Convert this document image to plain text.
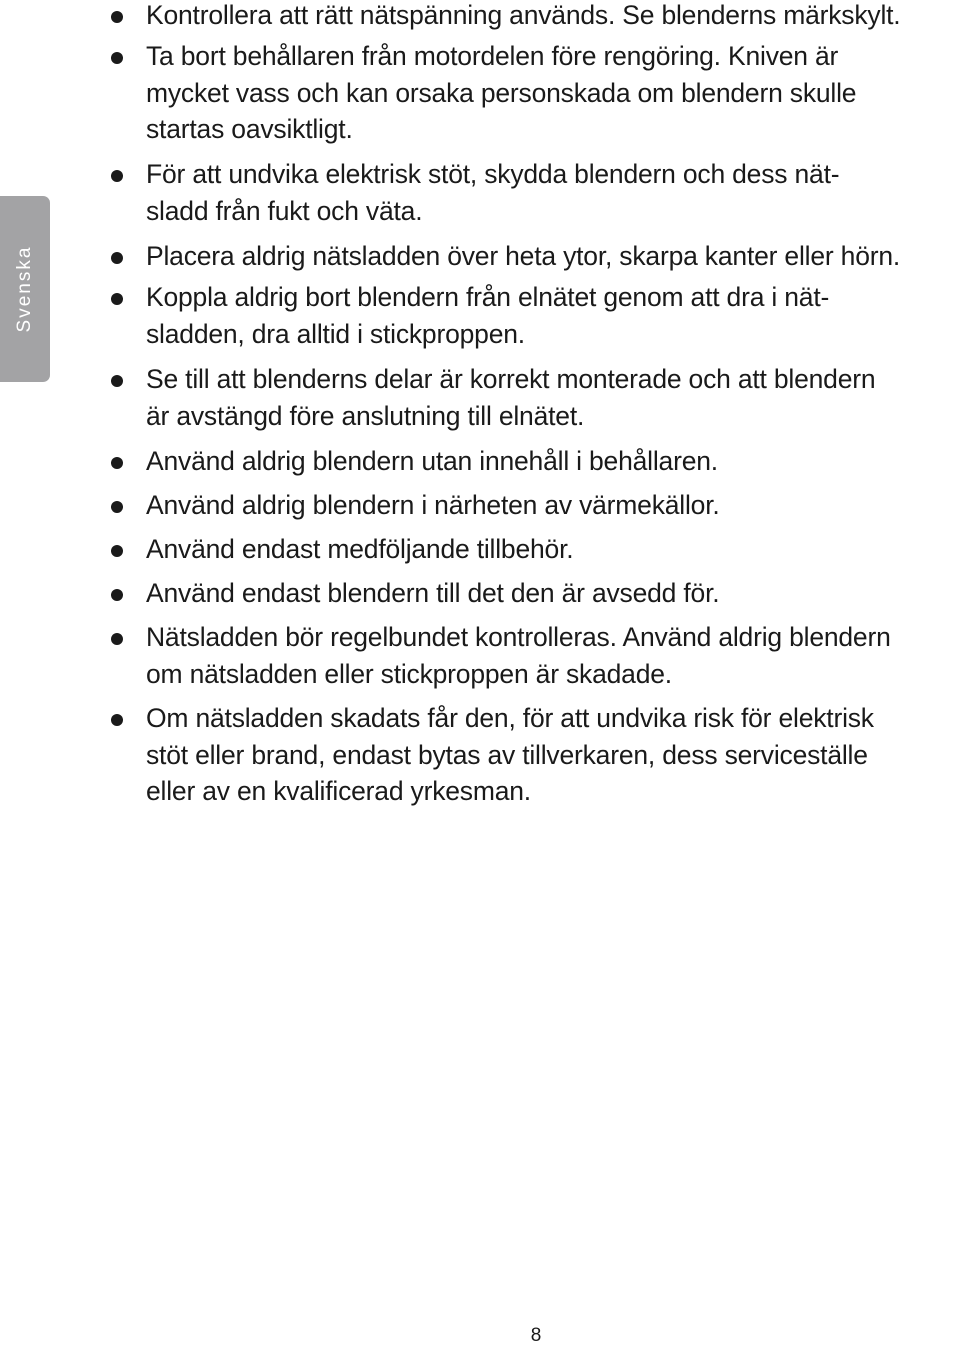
Svenska
Kontrollera att rätt nätspänning används. Se blenderns märkskylt.
Ta bort behållaren från motordelen före rengöring. Kniven är
mycket vass och kan orsaka personskada om blendern skulle
startas oavsiktligt.
För att undvika elektrisk stöt, skydda blendern och dess nät-
sladd från fukt och väta.
Placera aldrig nätsladden över heta ytor, skarpa kanter eller hörn.
Koppla aldrig bort blendern från elnätet genom att dra i nät-
sladden, dra alltid i stickproppen.
Se till att blenderns delar är korrekt monterade och att blendern
är avstängd före anslutning till elnätet.
Använd aldrig blendern utan innehåll i behållaren.
Använd aldrig blendern i närheten av värmekällor.
Använd endast medföljande tillbehör.
Använd endast blendern till det den är avsedd för.
Nätsladden bör regelbundet kontrolleras. Använd aldrig blendern
om nätsladden eller stickproppen är skadade.
Om nätsladden skadats får den, för att undvika risk för elektrisk
stöt eller brand, endast bytas av tillverkaren, dess serviceställe
eller av en kvalificerad yrkesman.
8
